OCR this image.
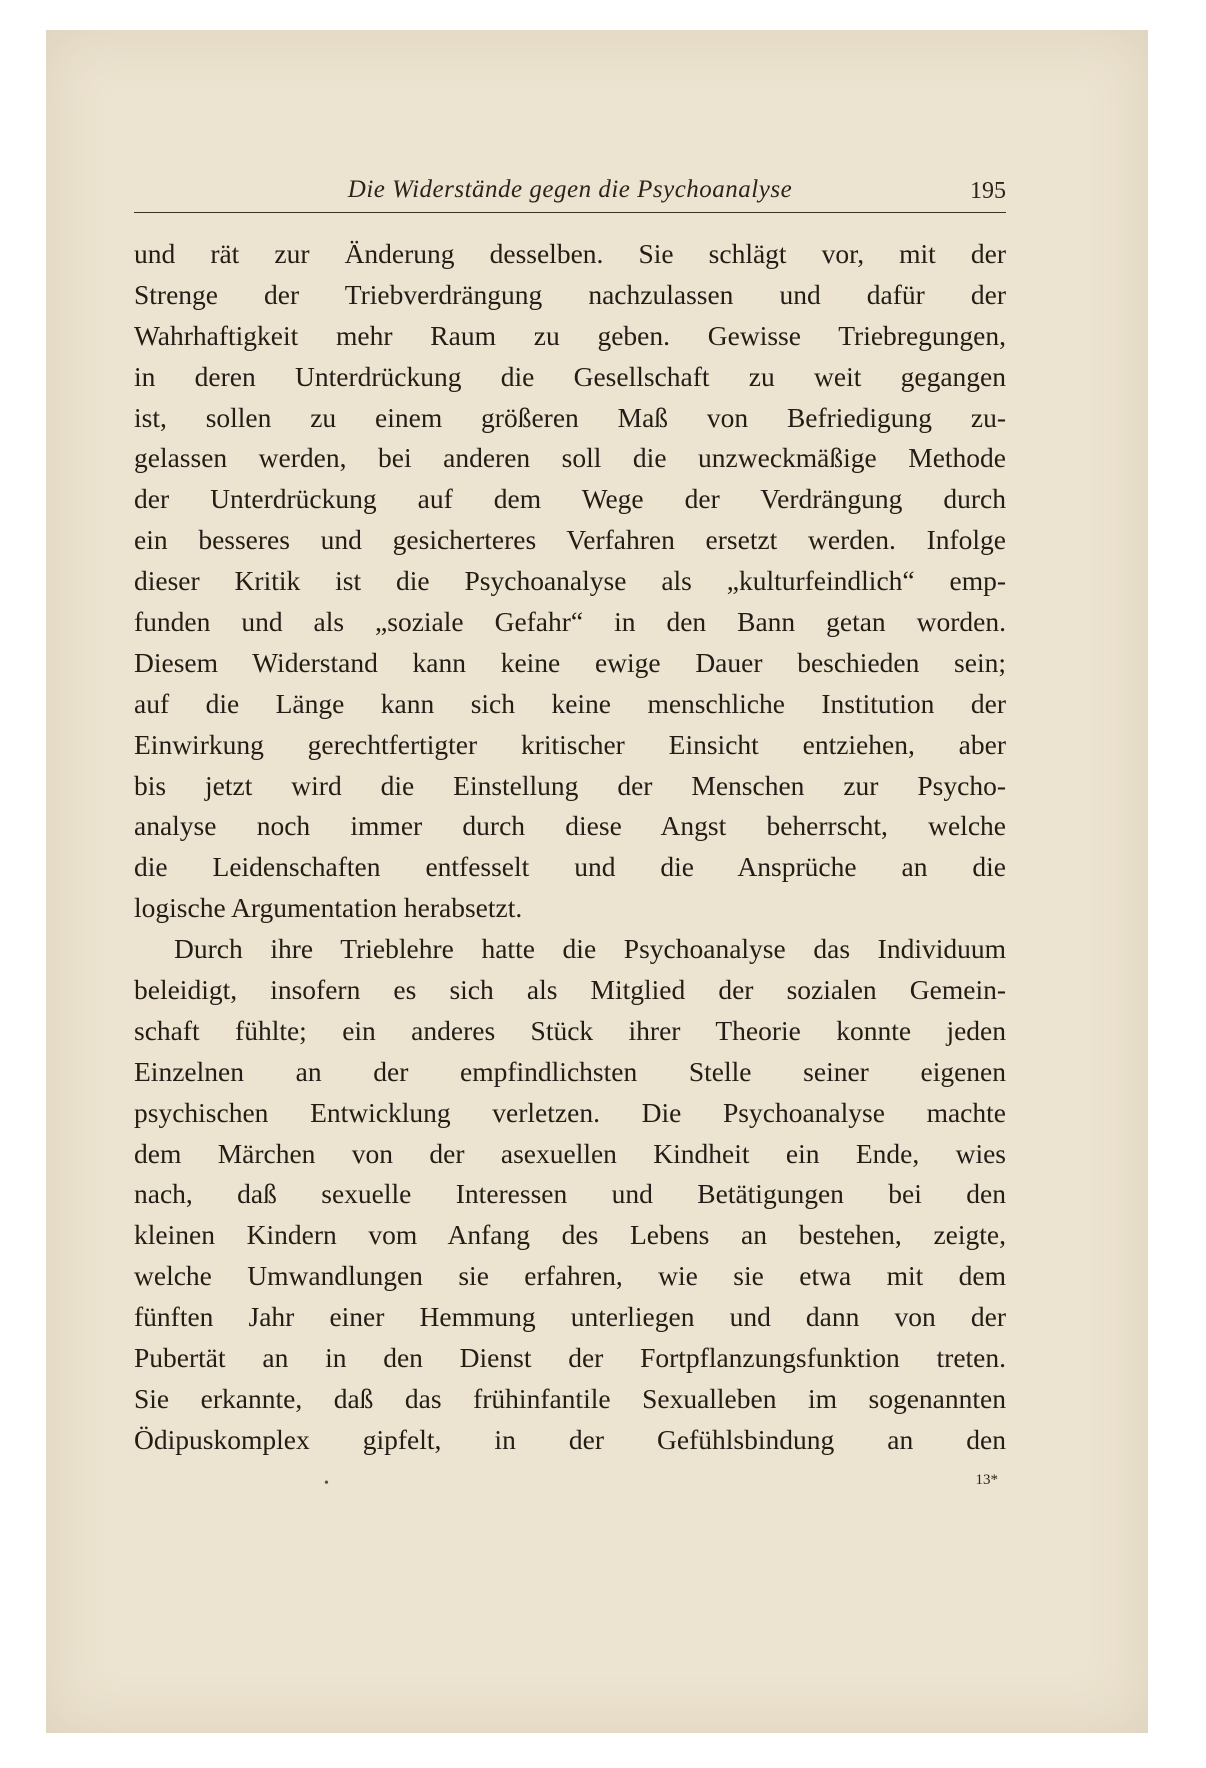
Die Widerstände gegen die Psychoanalyse	195
und rät zur Änderung desselben. Sie schlägt vor, mit der
Strenge der Triebverdrängung nachzulassen und dafür der
Wahrhaftigkeit mehr Raum zu geben. Gewisse Triebregungen,
in deren Unterdrückung die Gesellschaft zu weit gegangen
ist, sollen zu einem größeren Maß von Befriedigung zu-
gelassen werden, bei anderen soll die unzweckmäßige Methode
der Unterdrückung auf dem Wege der Verdrängung durch
ein besseres und gesicherteres Verfahren ersetzt werden. Infolge
dieser Kritik ist die Psychoanalyse als „kulturfeindlich“ emp-
funden und als „soziale Gefahr“ in den Bann getan worden.
Diesem Widerstand kann keine ewige Dauer beschieden sein;
auf die Länge kann sich keine menschliche Institution der
Einwirkung gerechtfertigter kritischer Einsicht entziehen, aber
bis jetzt wird die Einstellung der Menschen zur Psycho-
analyse noch immer durch diese Angst beherrscht, welche
die Leidenschaften entfesselt und die Ansprüche an die
logische Argumentation herabsetzt.
Durch ihre Trieblehre hatte die Psychoanalyse das Individuum
beleidigt, insofern es sich als Mitglied der sozialen Gemein-
schaft fühlte; ein anderes Stück ihrer Theorie konnte jeden
Einzelnen an der empfindlichsten Stelle seiner eigenen
psychischen Entwicklung verletzen. Die Psychoanalyse machte
dem Märchen von der asexuellen Kindheit ein Ende, wies
nach, daß sexuelle Interessen und Betätigungen bei den
kleinen Kindern vom Anfang des Lebens an bestehen, zeigte,
welche Umwandlungen sie erfahren, wie sie etwa mit dem
fünften Jahr einer Hemmung unterliegen und dann von der
Pubertät an in den Dienst der Fortpflanzungsfunktion treten.
Sie erkannte, daß das frühinfantile Sexualleben im sogenannten
Ödipuskomplex gipfelt, in der Gefühlsbindung an den
•	13*
